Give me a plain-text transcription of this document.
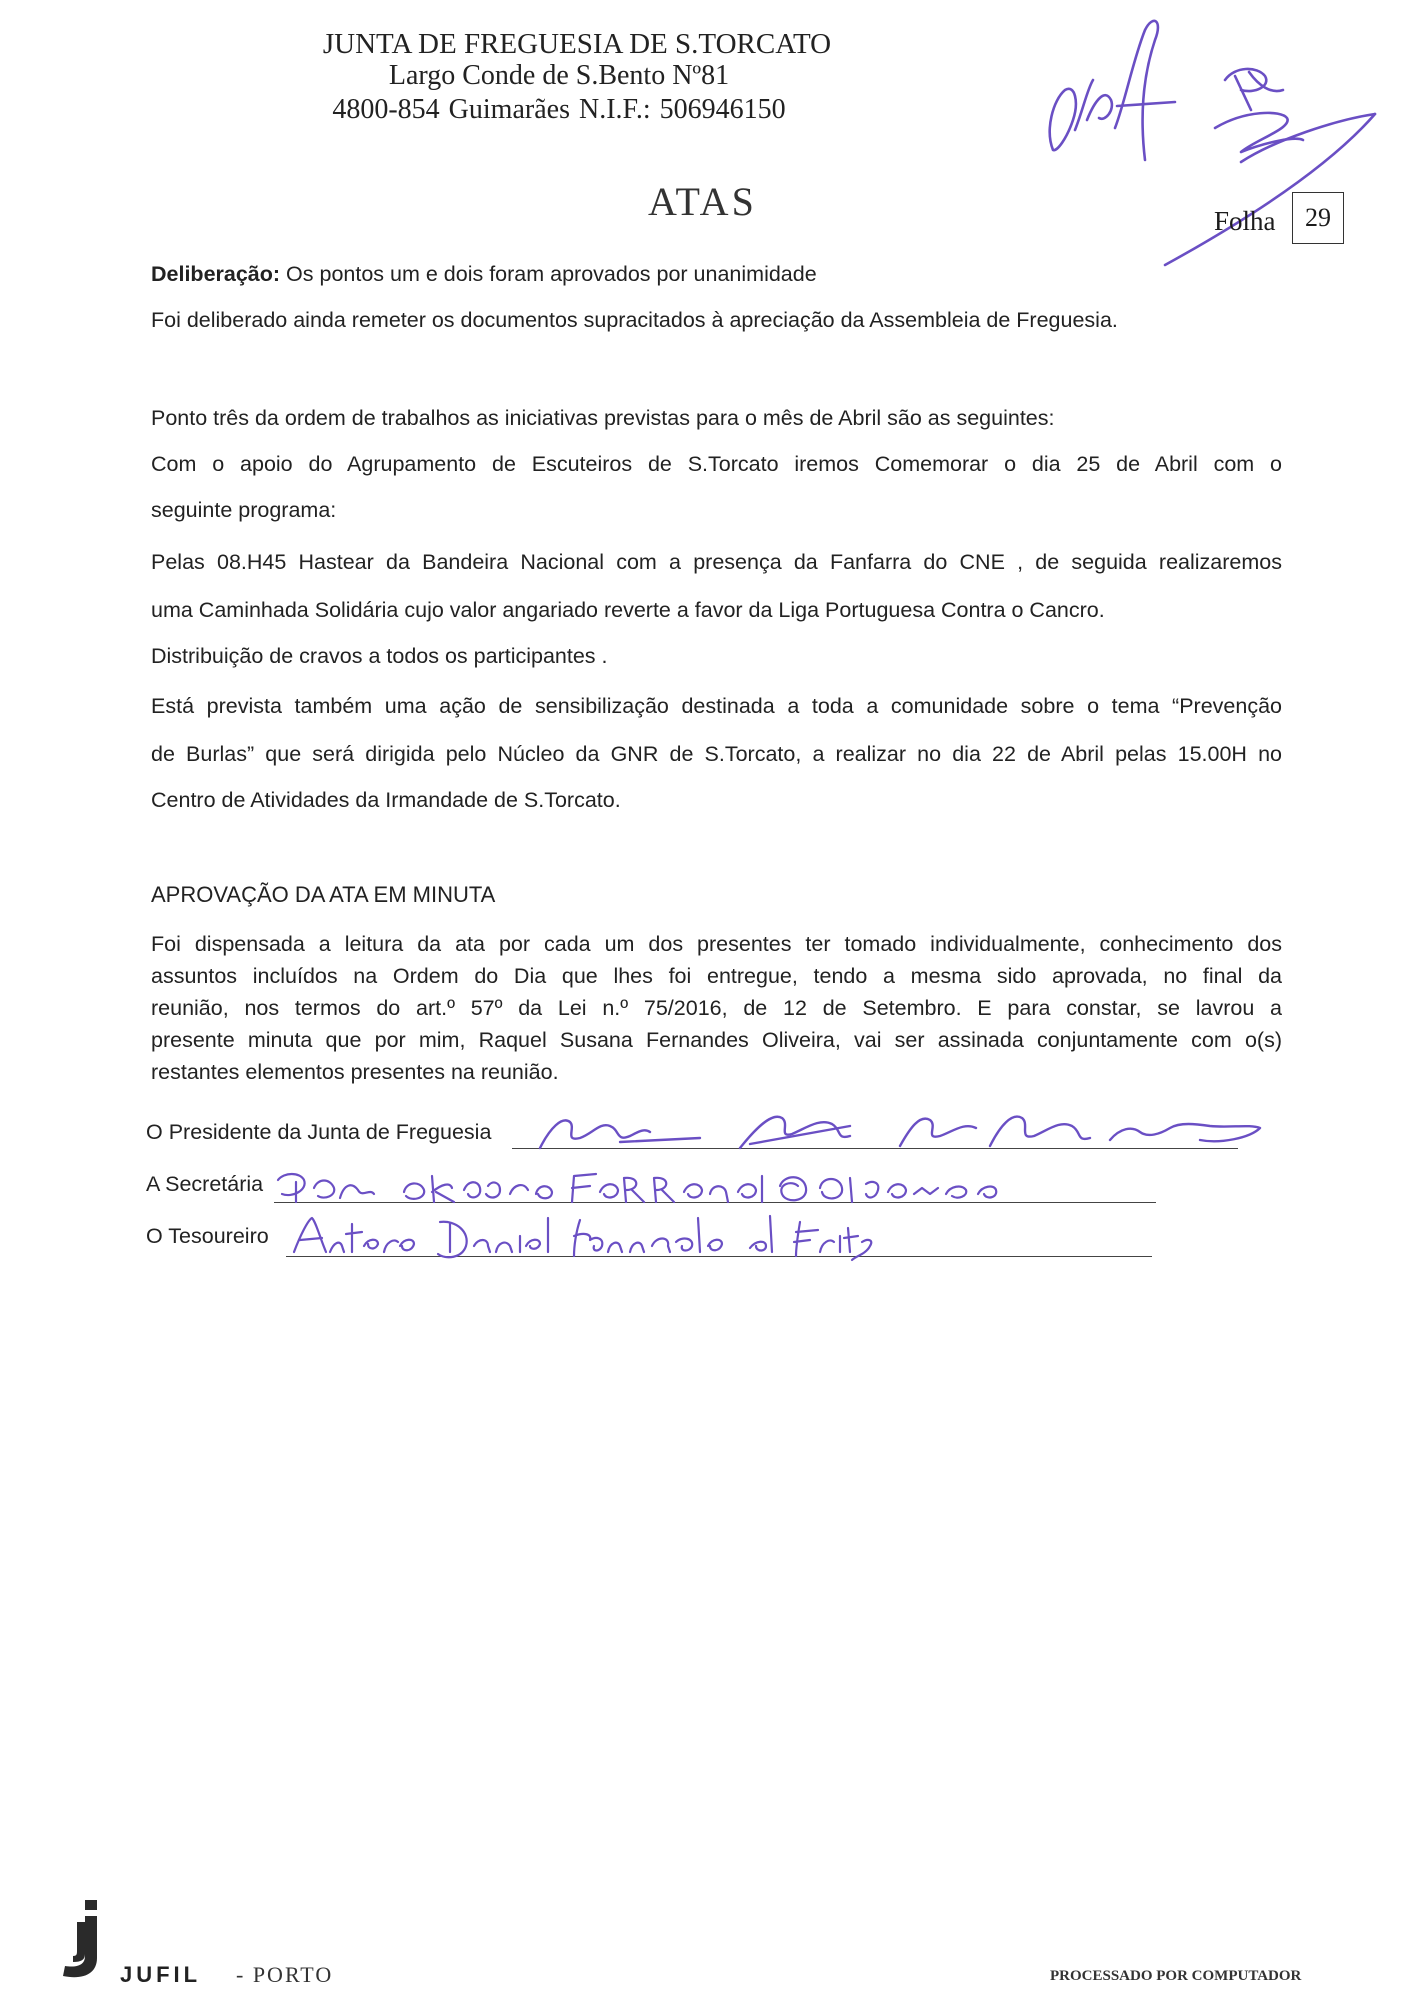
JUNTA DE FREGUESIA DE S.TORCATO
Largo Conde de S.Bento Nº81
4800-854 Guimarães N.I.F.: 506946150
ATAS	Folha 29
Deliberação: Os pontos um e dois foram aprovados por unanimidade
Foi deliberado ainda remeter os documentos supracitados à apreciação da Assembleia de Freguesia.
Ponto três da ordem de trabalhos as iniciativas previstas para o mês de Abril são as seguintes:
Com o apoio do Agrupamento de Escuteiros de S.Torcato iremos Comemorar o dia 25 de Abril com o
seguinte programa:
Pelas 08.H45 Hastear da Bandeira Nacional com a presença da Fanfarra do CNE , de seguida realizaremos
uma Caminhada Solidária cujo valor angariado reverte a favor da Liga Portuguesa Contra o Cancro.
Distribuição de cravos a todos os participantes .
Está prevista também uma ação de sensibilização destinada a toda a comunidade sobre o tema “Prevenção
de Burlas” que será dirigida pelo Núcleo da GNR de S.Torcato, a realizar no dia 22 de Abril pelas 15.00H no
Centro de Atividades da Irmandade de S.Torcato.
APROVAÇÃO DA ATA EM MINUTA
Foi dispensada a leitura da ata por cada um dos presentes ter tomado individualmente, conhecimento dos
assuntos incluídos na Ordem do Dia que lhes foi entregue, tendo a mesma sido aprovada, no final da
reunião, nos termos do art.º 57º da Lei n.º 75/2016, de 12 de Setembro. E para constar, se lavrou a
presente minuta que por mim, Raquel Susana Fernandes Oliveira, vai ser assinada conjuntamente com o(s)
restantes elementos presentes na reunião.
O Presidente da Junta de Freguesia
A Secretária
O Tesoureiro
JUFIL - PORTO	PROCESSADO POR COMPUTADOR
